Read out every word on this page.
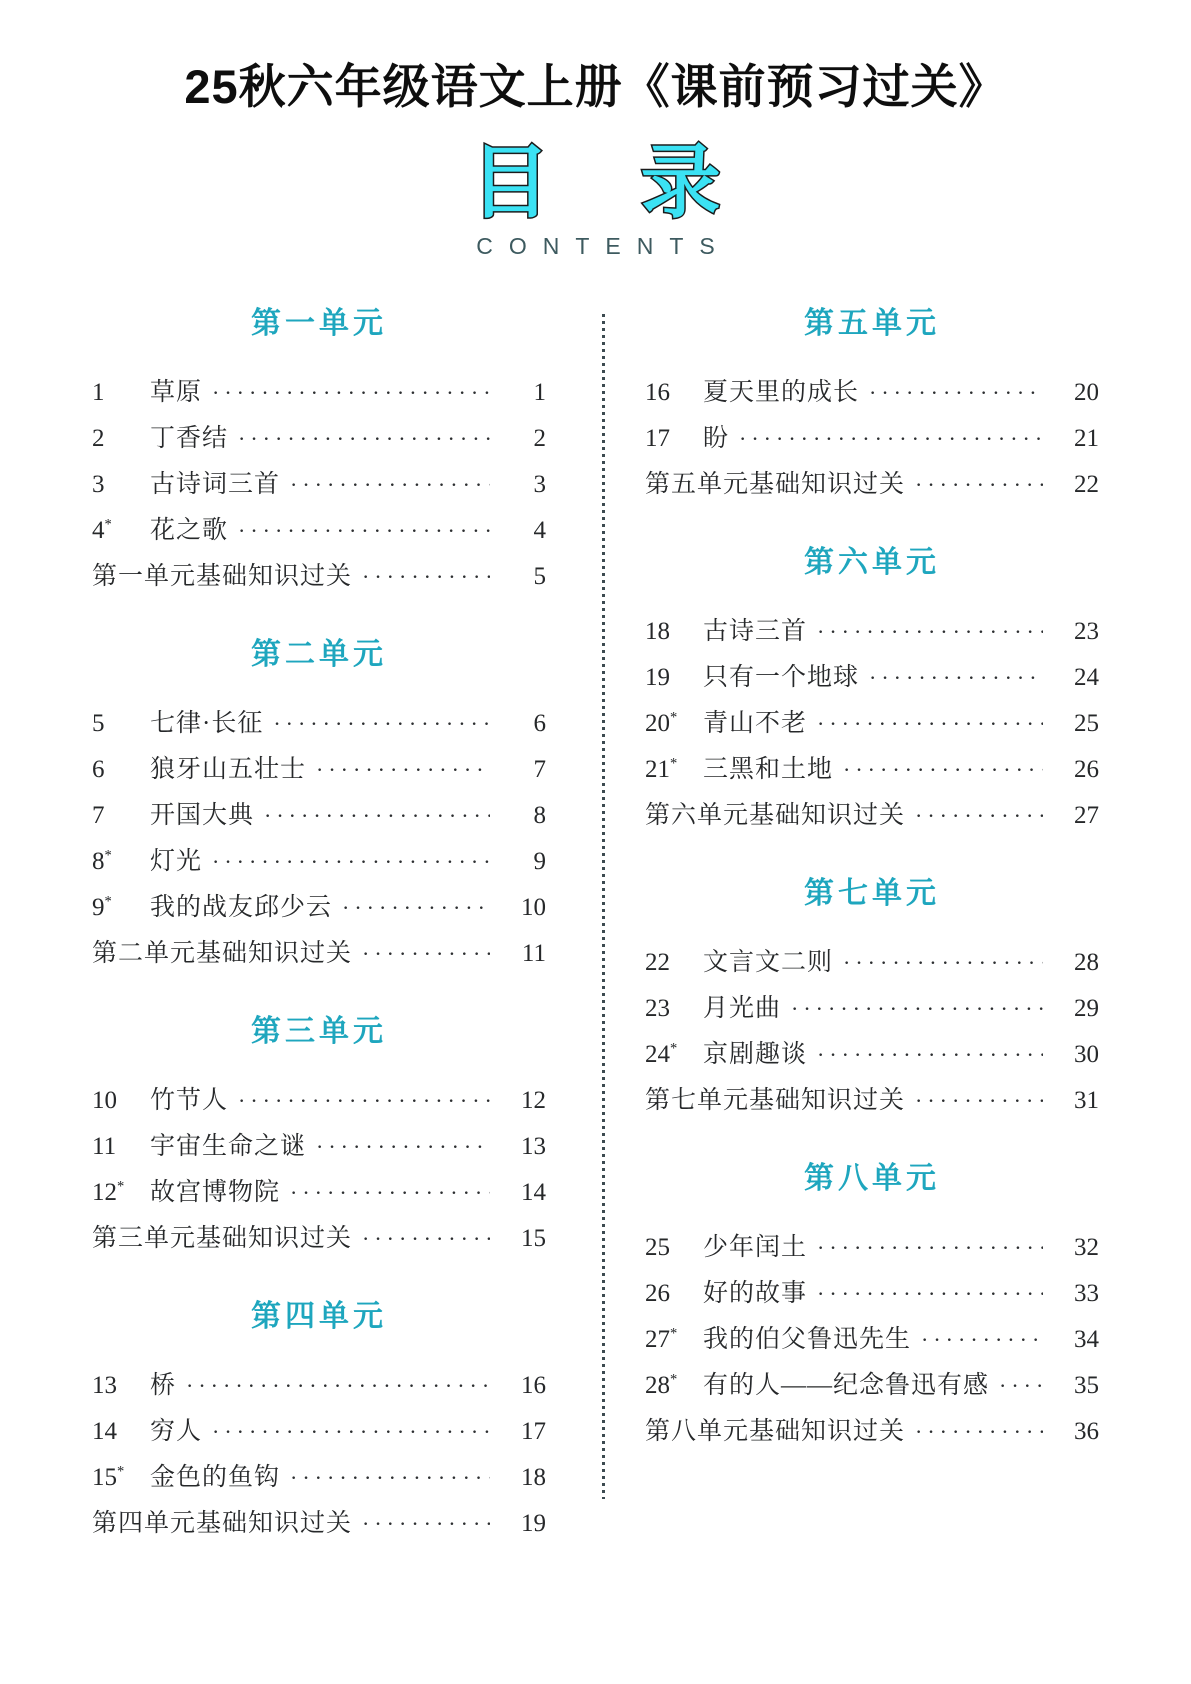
25秋六年级语文上册《课前预习过关》
目 录
CONTENTS
第一单元
1	草原 ·····	1
2	丁香结 ·····	2
3	古诗词三首 ·····	3
4*	花之歌 ·····	4
第一单元基础知识过关 ·····	5
第二单元
5	七律·长征 ·····	6
6	狼牙山五壮士 ·····	7
7	开国大典 ·····	8
8*	灯光 ·····	9
9*	我的战友邱少云 ·····	10
第二单元基础知识过关 ·····	11
第三单元
10	竹节人 ·····	12
11	宇宙生命之谜 ·····	13
12*	故宫博物院 ·····	14
第三单元基础知识过关 ·····	15
第四单元
13	桥 ·····	16
14	穷人 ·····	17
15*	金色的鱼钩 ·····	18
第四单元基础知识过关 ·····	19
第五单元
16	夏天里的成长 ·····	20
17	盼 ·····	21
第五单元基础知识过关 ·····	22
第六单元
18	古诗三首 ·····	23
19	只有一个地球 ·····	24
20*	青山不老 ·····	25
21*	三黑和土地 ·····	26
第六单元基础知识过关 ·····	27
第七单元
22	文言文二则 ·····	28
23	月光曲 ·····	29
24*	京剧趣谈 ·····	30
第七单元基础知识过关 ·····	31
第八单元
25	少年闰土 ·····	32
26	好的故事 ·····	33
27*	我的伯父鲁迅先生 ·····	34
28*	有的人——纪念鲁迅有感 ·····	35
第八单元基础知识过关 ·····	36
